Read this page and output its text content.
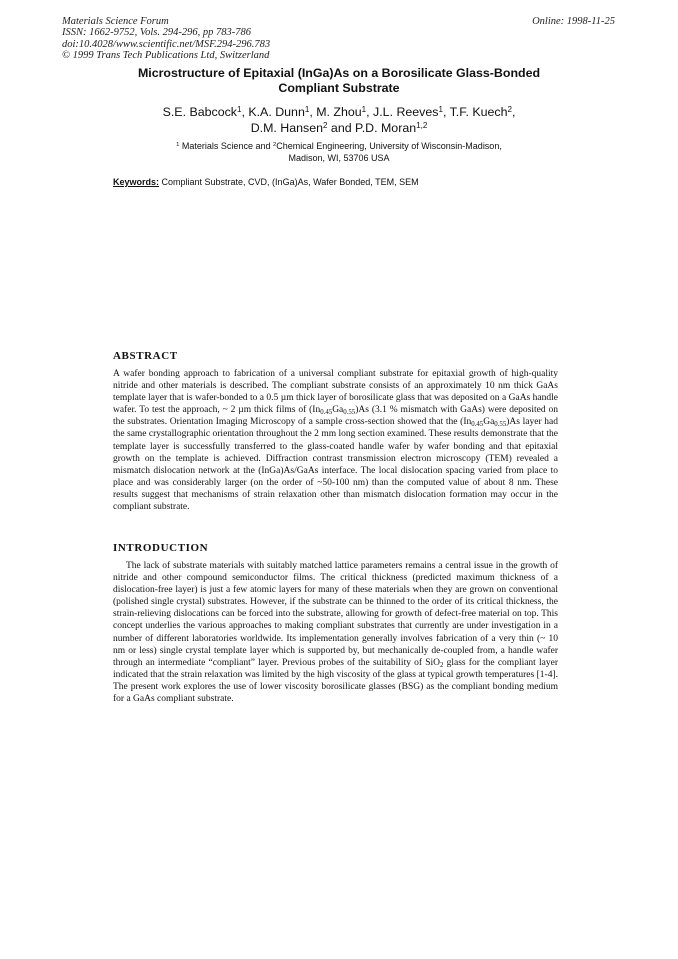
Materials Science Forum
ISSN: 1662-9752, Vols. 294-296, pp 783-786
doi:10.4028/www.scientific.net/MSF.294-296.783
© 1999 Trans Tech Publications Ltd, Switzerland
Online: 1998-11-25
Microstructure of Epitaxial (InGa)As on a Borosilicate Glass-Bonded
Compliant Substrate
S.E. Babcock$^1$, K.A. Dunn$^1$, M. Zhou$^1$, J.L. Reeves$^1$, T.F. Kuech$^2$,
D.M. Hansen$^2$ and P.D. Moran$^{1,2}$
$^1$ Materials Science and $^2$Chemical Engineering, University of Wisconsin-Madison,
Madison, WI, 53706 USA
Keywords: Compliant Substrate, CVD, (InGa)As, Wafer Bonded, TEM, SEM
ABSTRACT
A wafer bonding approach to fabrication of a universal compliant substrate for epitaxial growth of high-quality nitride and other materials is described. The compliant substrate consists of an approximately 10 nm thick GaAs template layer that is wafer-bonded to a 0.5 µm thick layer of borosilicate glass that was deposited on a GaAs handle wafer. To test the approach, ~ 2 µm thick films of $(In_{0.45}Ga_{0.55})As$ (3.1 % mismatch with GaAs) were deposited on the substrates. Orientation Imaging Microscopy of a sample cross-section showed that the $(In_{0.45}Ga_{0.55})As$ layer had the same crystallographic orientation throughout the 2 mm long section examined. These results demonstrate that the template layer is successfully transferred to the glass-coated handle wafer by wafer bonding and that epitaxial growth on the template is achieved. Diffraction contrast transmission electron microscopy (TEM) revealed a mismatch dislocation network at the (InGa)As/GaAs interface. The local dislocation spacing varied from place to place and was considerably larger (on the order of ~50-100 nm) than the computed value of about 8 nm. These results suggest that mechanisms of strain relaxation other than mismatch dislocation formation may occur in the compliant substrate.
INTRODUCTION
The lack of substrate materials with suitably matched lattice parameters remains a central issue in the growth of nitride and other compound semiconductor films. The critical thickness (predicted maximum thickness of a dislocation-free layer) is just a few atomic layers for many of these materials when they are grown on conventional (polished single crystal) substrates. However, if the substrate can be thinned to the order of its critical thickness, the strain-relieving dislocations can be forced into the substrate, allowing for growth of defect-free material on top. This concept underlies the various approaches to making compliant substrates that currently are under investigation in a number of different laboratories worldwide. Its implementation generally involves fabrication of a very thin (~ 10 nm or less) single crystal template layer which is supported by, but mechanically de-coupled from, a handle wafer through an intermediate “compliant” layer. Previous probes of the suitability of SiO$_2$ glass for the compliant layer indicated that the strain relaxation was limited by the high viscosity of the glass at typical growth temperatures [1-4]. The present work explores the use of lower viscosity borosilicate glasses (BSG) as the compliant bonding medium for a GaAs compliant substrate.
